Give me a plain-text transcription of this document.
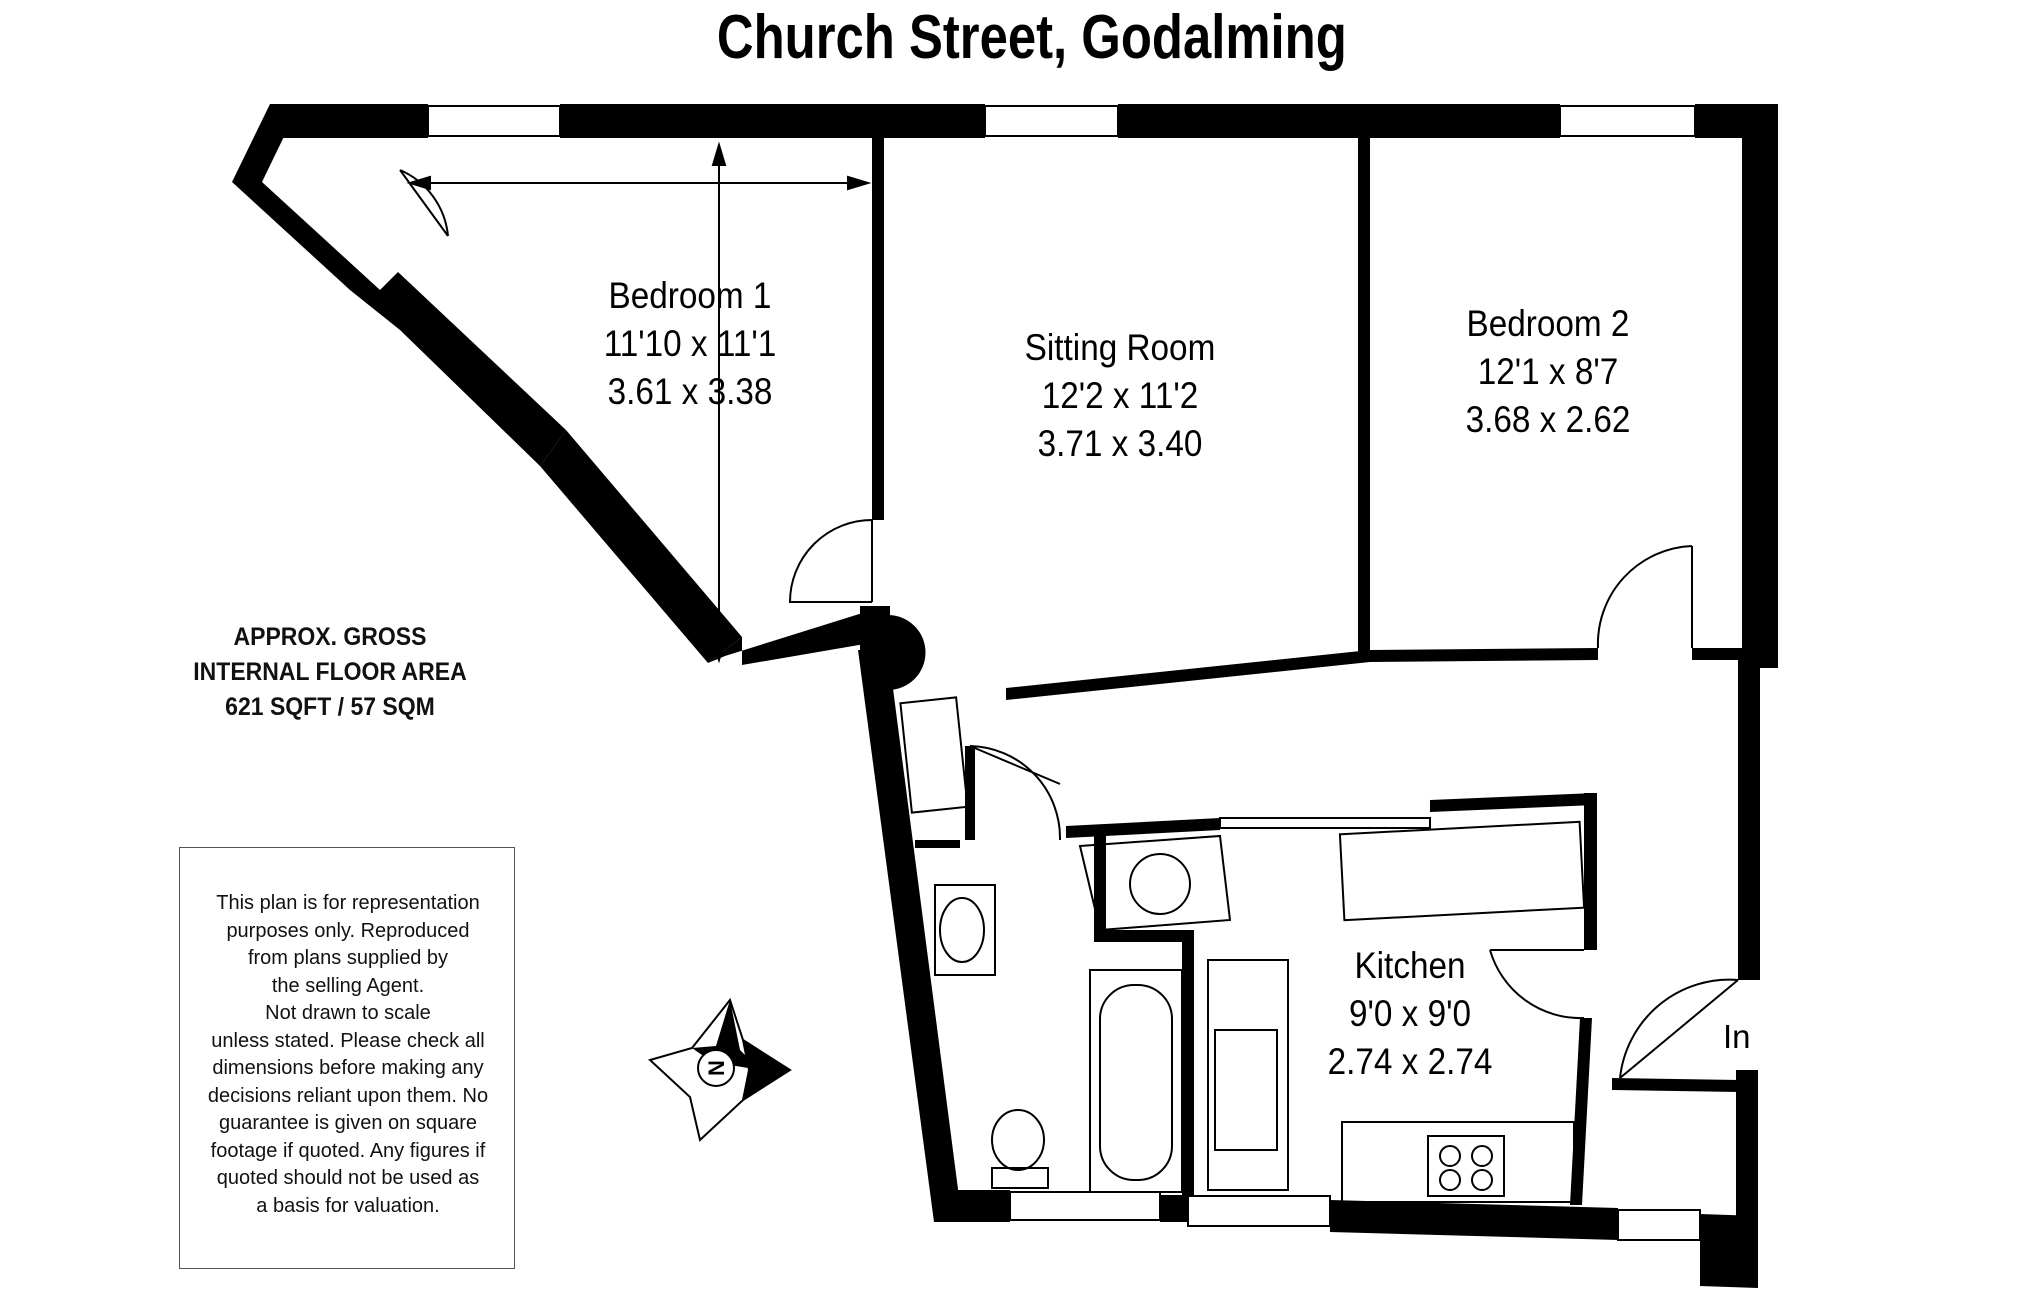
N
Church Street, Godalming
Bedroom 1
11'10 x 11'1
3.61 x 3.38
Sitting Room
12'2 x 11'2
3.71 x 3.40
Bedroom 2
12'1 x 8'7
3.68 x 2.62
Kitchen
9'0 x 9'0
2.74 x 2.74
APPROX. GROSS
INTERNAL FLOOR AREA
621 SQFT / 57 SQM
This plan is for representation
purposes only. Reproduced
from plans supplied by
the selling Agent.
Not drawn to scale
unless stated. Please check all
dimensions before making any
decisions reliant upon them. No
guarantee is given on square
footage if quoted. Any figures if
quoted should not be used as
a basis for valuation.
In
